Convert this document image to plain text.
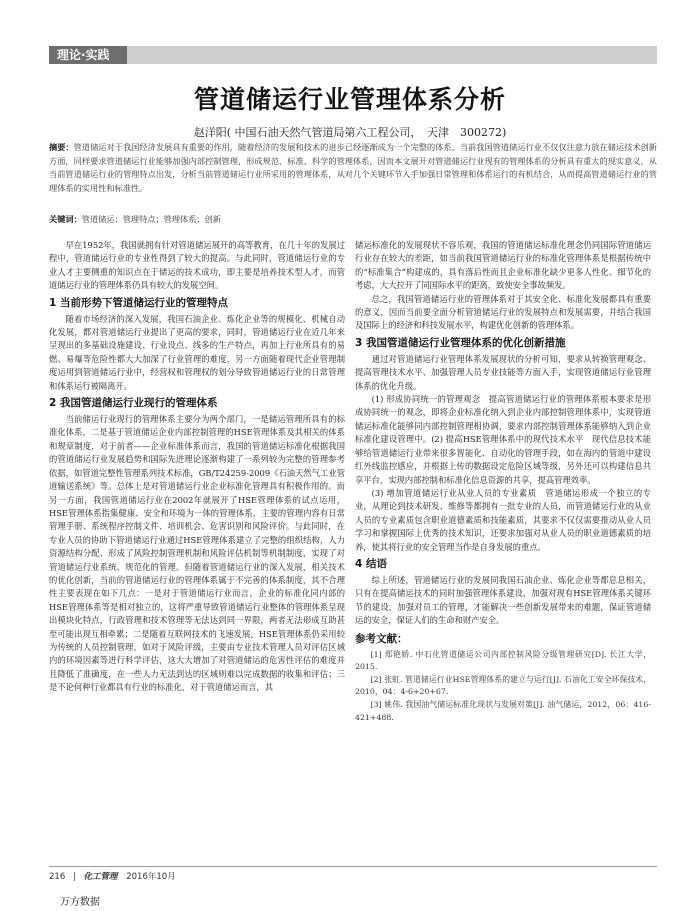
理论·实践
管道储运行业管理体系分析
赵洋阳( 中国石油天然气管道局第六工程公司，　天津　300272)
摘要：管道储运对于我国经济发展具有重要的作用，随着经济的发展和技术的进步已经逐渐成为一个完整的体系，当前我国管道储运行业不仅仅注意力放在储运技术创新方面，同样要求管道储运行业能够加强内部控制管理，形成规范、标准、科学的管理体系，因而本文展开对管道储运行业现有的管理体系的分析具有重大的现实意义，从当前管道储运行业的管理特点出发，分析当前管道储运行业所采用的管理体系，从对几个关键环节入手加强日常管理和体系运行的有机结合，从而提高管道储运行业的管理体系的实用性和标准性。
关键词：管道储运；管理特点；管理体系；创新

早在1952年，我国就拥有针对管道储运展开的高等教育，在几十年的发展过程中，管道储运行业的专业性得到了较大的提高。与此同时，管道储运行业的专业人才主要侧重的知识点在于储运的技术成功，即主要是培养技术型人才，而管道储运行业的管理体系仍具有较大的发展空间。

1 当前形势下管道储运行业的管理特点

随着市场经济的深入发展，我国石油企业、炼化企业等的规模化、机械自动化发展，都对管道储运行业提出了更高的要求，同时，管道储运行业在近几年来呈现出的多基础设施建设、行业设点、线多的生产特点，再加上行业所具有的易燃、易爆等危险性都大大加深了行业管理的难度，另一方面随着现代企业管理制度运用到管道储运行业中，经营权和管理权的划分导致管道储运行业的日常管理和体系运行被隔离开。

2 我国管道储运行业现行的管理体系

当前储运行业现行的管理体系主要分为两个部门，一是储运管理所具有的标准化体系，二是基于管道储运企业内部控制管理的HSE管理体系及其相关的体系和规章制度，对于前者——企业标准体系而言，我国的管道储运标准化根据我国的管道储运行业发展趋势和国际先进理论逐渐构建了一系列较为完整的管理参考依据，如管道完整性管理系列技术标准，GB/T24259-2009《石油天然气工业管道输送系统》等。总体上是对管道储运行业企业标准化管理具有积极作用的。而另一方面，我国管道储运行业在2002年就展开了HSE管理体系的试点运用，HSE管理体系指集健康、安全和环境为一体的管理体系，主要的管理内容有日常管理手册、系统程序控制文件、培训机会、危害识别和风险评价。与此同时，在专业人员的协助下管道储运行业通过HSE管理体系建立了完整的组织结构，人力资源结构分配、形成了风险控制管理机制和风险评估机制等机制制度，实现了对管道储运行业系统、规范化的管理。但随着管道储运行业的深入发展，相关技术的优化创新，当前的管道储运行业的管理体系属于不完善的体系制度，其不合理性主要表现在如下几点：一是对于管道储运行业而言，企业的标准化同内部的HSE管理体系等是相对独立的，这将严重导致管道储运行业整体的管理体系呈现出模块化特点，行政管理和技术管理等无法达到同一界限，两者无法形成互助甚至可能出现互相牵累；二是随着互联网技术的飞速发展，HSE管理体系仍采用较为传统的人员控制管理，如对于风险评级，主要由专业技术管理人员对评估区域内的环境因素等进行科学评估，这大大增加了对管道储运的危害性评估的难度并且降低了准确度，在一些人力无法到达的区域则难以完成数据的收集和评估；三是不论何种行业都具有行业的标准化，对于管道储运而言，其

储运标准化的发展现状不容乐观，我国的管道储运标准化理念仍同国际管道储运行业存在较大的差距，如当前我国管道储运行业的标准化管理体系是根据传统中的“标准集合”构建成的，具有落后性而且企业标准化缺少更多人性化、细节化的考虑，大大拉开了同国际水平的距离，致使安全事故频发。

总之，我国管道储运行业的管理体系对于其安全化、标准化发展都具有重要的意义，因而当前要全面分析管道储运行业的发展特点和发展需要，并结合我国及国际上的经济和科技发展水平，构建优化创新的管理体系。

3 我国管道储运行业管理体系的优化创新措施

通过对管道储运行业管理体系发展现状的分析可知，要求从转换管理观念、提高管理技术水平、加强管理人员专业技能等方面入手，实现管道储运行业管理体系的优化升级。

(1) 形成协同统一的管理观念　提高管道储运行业的管理体系根本要求是形成协同统一的观念，即将企业标准化纳入到企业内部控制管理体系中，实现管道储运标准化能够同内部控制管理相协调，要求内部控制管理体系能够纳入到企业标准化建设管理中。(2) 提高HSE管理体系中的现代技术水平　现代信息技术能够给管道储运行业带来很多智能化、自动化的管理手段，如在海内的管道中建设红外线监控感应，并根据上传的数据设定危险区域等级，另外还可以构建信息共享平台，实现内部控制和标准化信息资源的共享，提高管理效率。

(3) 增加管道储运行业从业人员的专业素质　管道储运形成一个独立的专业，从理论到技术研发、维修等都拥有一批专业的人员，而管道储运行业的从业人员的专业素质包含职业道德素质和技能素质，其要求不仅仅需要推动从业人员学习和掌握国际上优秀的技术知识，还要求加强对从业人员的职业道德素质的培养，使其将行业的安全管理当作是自身发展的重点。

4 结语

综上所述，管道储运行业的发展同我国石油企业、炼化企业等都息息相关，只有在提高储运技术的同时加强管理体系建设，加强对现有HSE管理体系关键环节的建设，加强对员工的管理，才能解决一些创新发展带来的难题，保证管道储运的安全，保证人们的生命和财产安全。

参考文献：

[1] 郑艳娇. 中石化管道储运公司内部控制风险分级管理研究[D]. 长江大学，2015.

[2] 张虹. 管道储运行业HSE管理体系的建立与运行[J]. 石油化工安全环保技术，2010，04：4-6+20+67.

[3] 姚伟. 我国油气储运标准化现状与发展对策[J]. 油气储运，2012，06：416-421+488.

216 | 化工管理 2016年10月
万方数据
